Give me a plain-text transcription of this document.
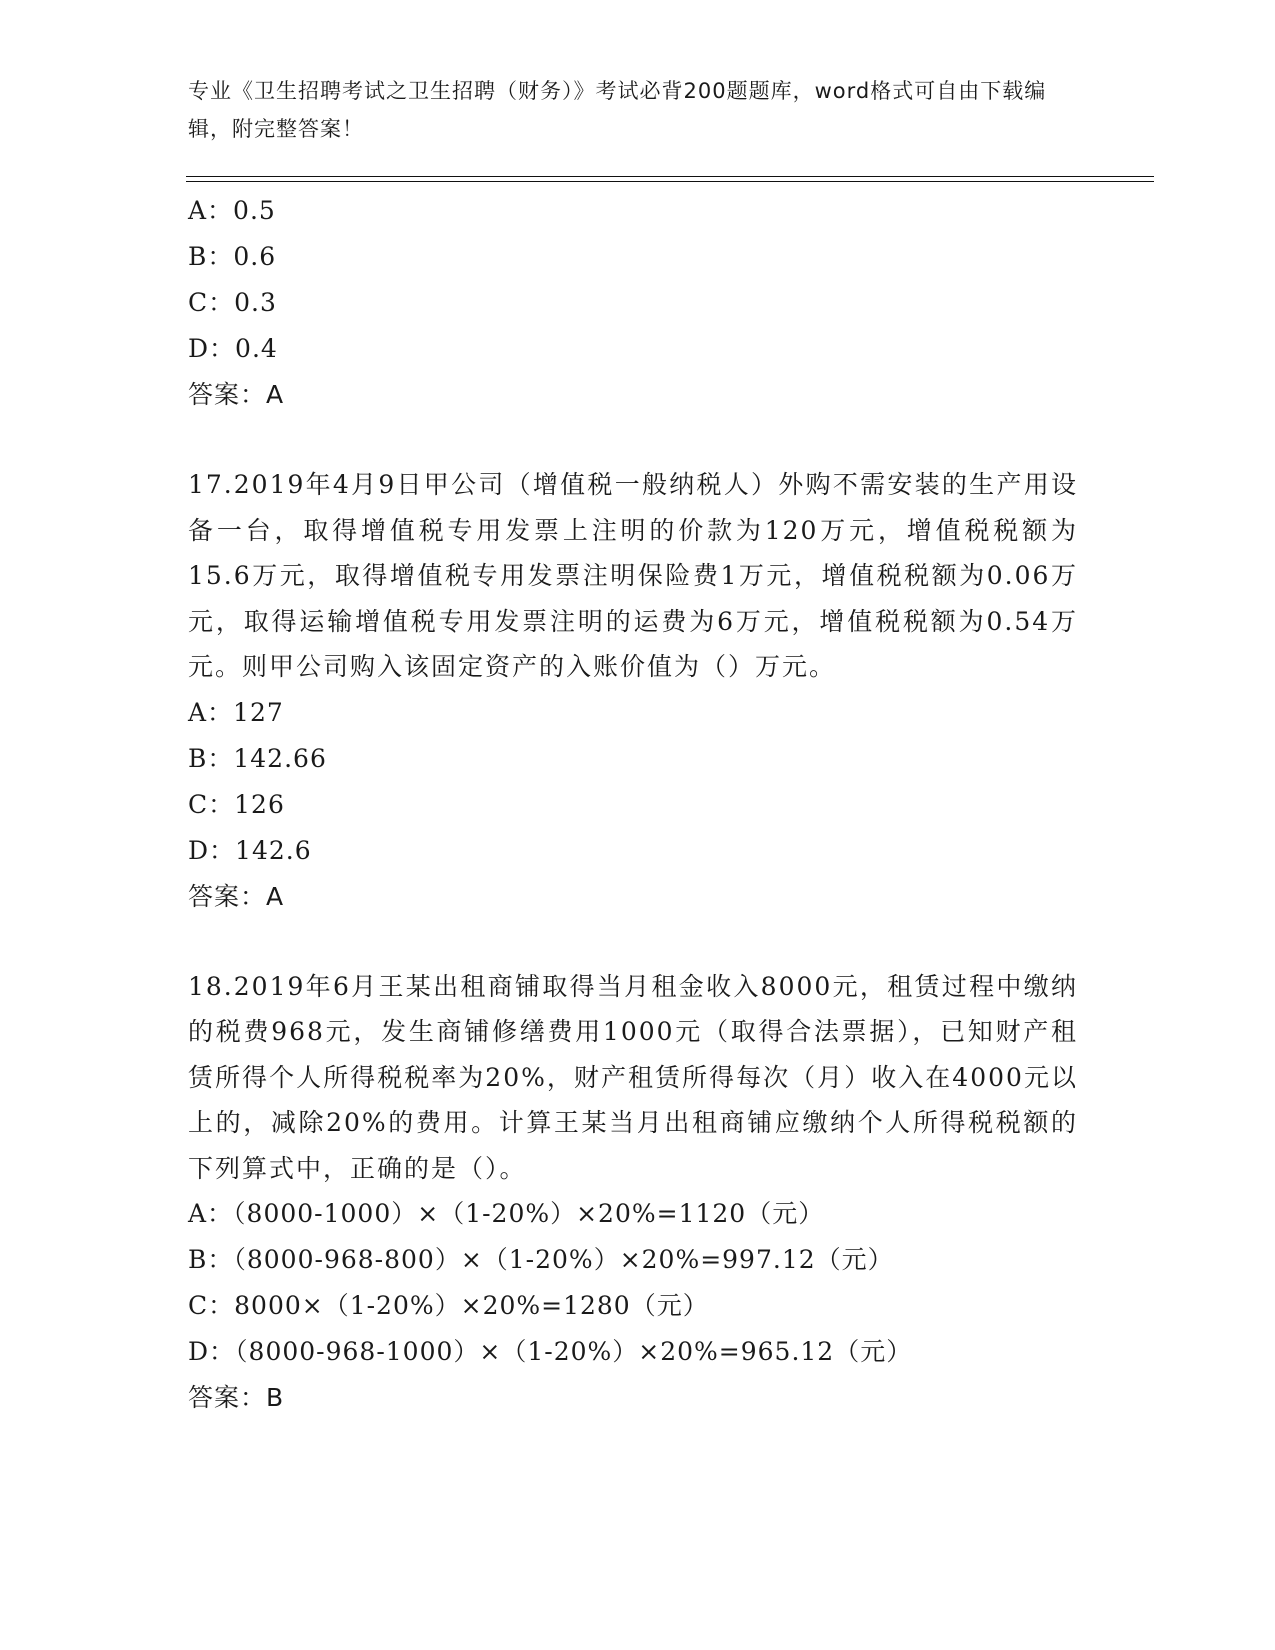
专业《卫生招聘考试之卫生招聘（财务）》考试必背200题题库，word格式可自由下载编辑，附完整答案！
A：0.5
B：0.6
C：0.3
D：0.4
答案：A
17.2019年4月9日甲公司（增值税一般纳税人）外购不需安装的生产用设备一台，取得增值税专用发票上注明的价款为120万元，增值税税额为15.6万元，取得增值税专用发票注明保险费1万元，增值税税额为0.06万元，取得运输增值税专用发票注明的运费为6万元，增值税税额为0.54万元。则甲公司购入该固定资产的入账价值为（）万元。
A：127
B：142.66
C：126
D：142.6
答案：A
18.2019年6月王某出租商铺取得当月租金收入8000元，租赁过程中缴纳的税费968元，发生商铺修缮费用1000元（取得合法票据），已知财产租赁所得个人所得税税率为20%，财产租赁所得每次（月）收入在4000元以上的，减除20%的费用。计算王某当月出租商铺应缴纳个人所得税税额的下列算式中，正确的是（）。
A：（8000-1000）×（1-20%）×20%=1120（元）
B：（8000-968-800）×（1-20%）×20%=997.12（元）
C：8000×（1-20%）×20%=1280（元）
D：（8000-968-1000）×（1-20%）×20%=965.12（元）
答案：B
